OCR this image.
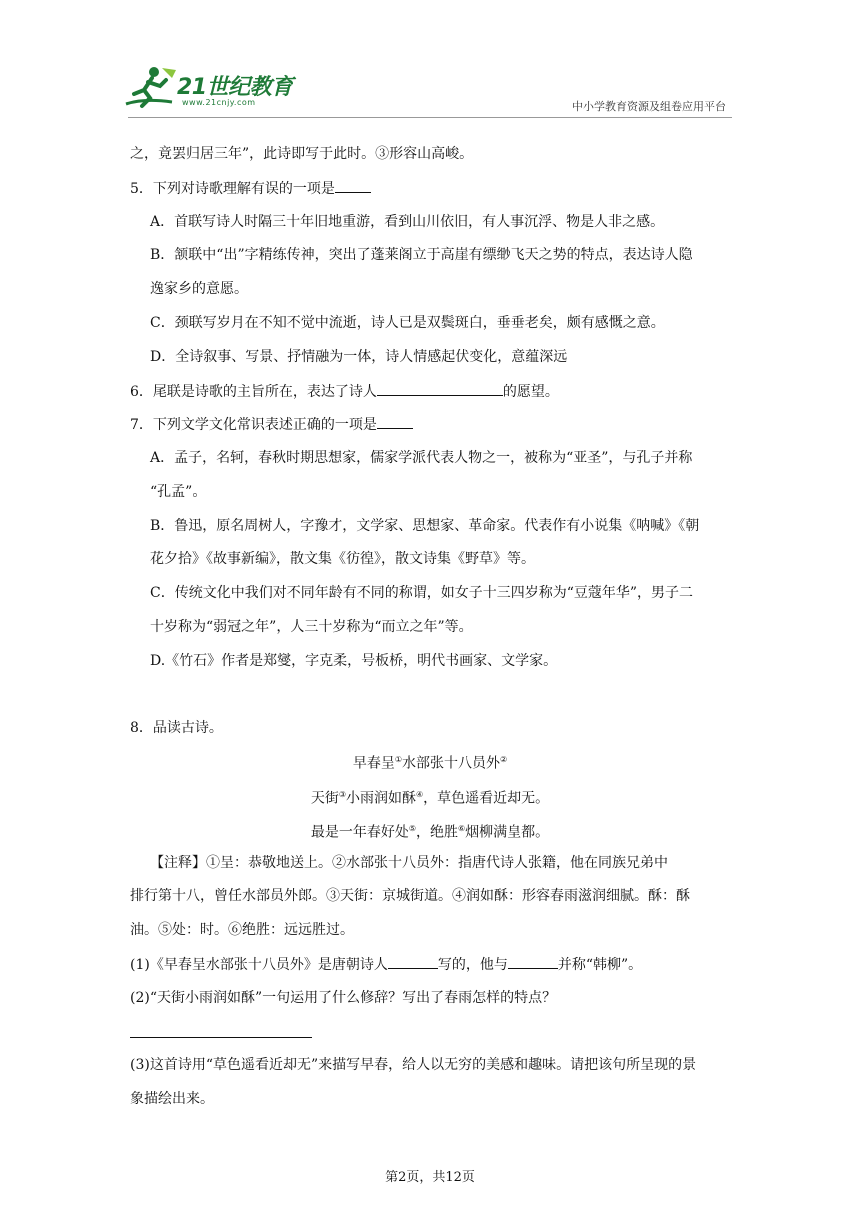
21世纪教育
www.21cnjy.com	中小学教育资源及组卷应用平台
之，竟罢归居三年”，此诗即写于此时。③形容山高峻。
5．下列对诗歌理解有误的一项是
A．首联写诗人时隔三十年旧地重游，看到山川依旧，有人事沉浮、物是人非之感。
B．颔联中“出”字精练传神，突出了蓬莱阁立于高崖有缥缈飞天之势的特点，表达诗人隐
逸家乡的意愿。
C．颈联写岁月在不知不觉中流逝，诗人已是双鬓斑白，垂垂老矣，颇有感慨之意。
D．全诗叙事、写景、抒情融为一体，诗人情感起伏变化，意蕴深远
6．尾联是诗歌的主旨所在，表达了诗人	的愿望。
7．下列文学文化常识表述正确的一项是
A．孟子，名轲，春秋时期思想家，儒家学派代表人物之一，被称为“亚圣”，与孔子并称
“孔孟”。
B．鲁迅，原名周树人，字豫才，文学家、思想家、革命家。代表作有小说集《呐喊》《朝
花夕拾》《故事新编》，散文集《彷徨》，散文诗集《野草》等。
C．传统文化中我们对不同年龄有不同的称谓，如女子十三四岁称为“豆蔻年华”，男子二
十岁称为“弱冠之年”，人三十岁称为“而立之年”等。
D.《竹石》作者是郑燮，字克柔，号板桥，明代书画家、文学家。
8．品读古诗。
早春呈①水部张十八员外②
天街③小雨润如酥④，草色遥看近却无。
最是一年春好处⑤，绝胜⑥烟柳满皇都。
【注释】①呈：恭敬地送上。②水部张十八员外：指唐代诗人张籍，他在同族兄弟中
排行第十八，曾任水部员外郎。③天街：京城街道。④润如酥：形容春雨滋润细腻。酥：酥
油。⑤处：时。⑥绝胜：远远胜过。
(1)《早春呈水部张十八员外》是唐朝诗人	写的，他与	并称“韩柳”。
(2)“天街小雨润如酥”一句运用了什么修辞？写出了春雨怎样的特点？
(3)这首诗用“草色遥看近却无”来描写早春，给人以无穷的美感和趣味。请把该句所呈现的景
象描绘出来。
第2页，共12页
